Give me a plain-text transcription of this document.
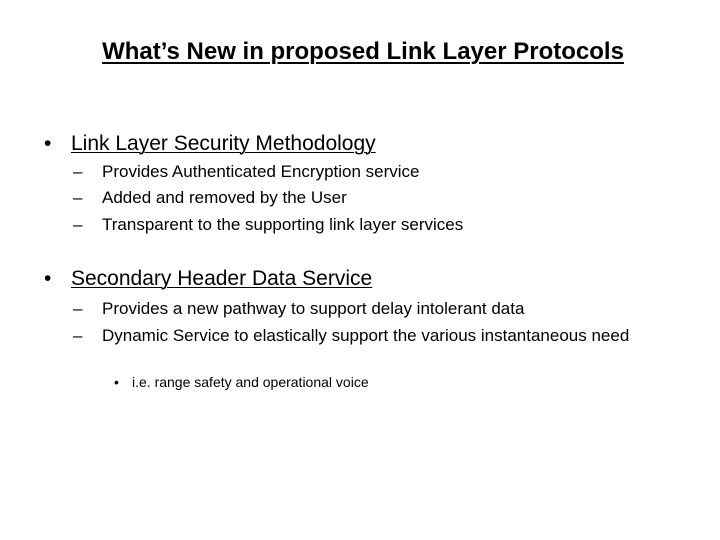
What’s New in proposed Link Layer Protocols
• Link Layer Security Methodology
– Provides Authenticated Encryption service
– Added and removed by the User
– Transparent to the supporting link layer services
• Secondary Header Data Service
– Provides a new pathway to support delay intolerant data
– Dynamic Service to elastically support the various instantaneous need
• i.e. range safety and operational voice
